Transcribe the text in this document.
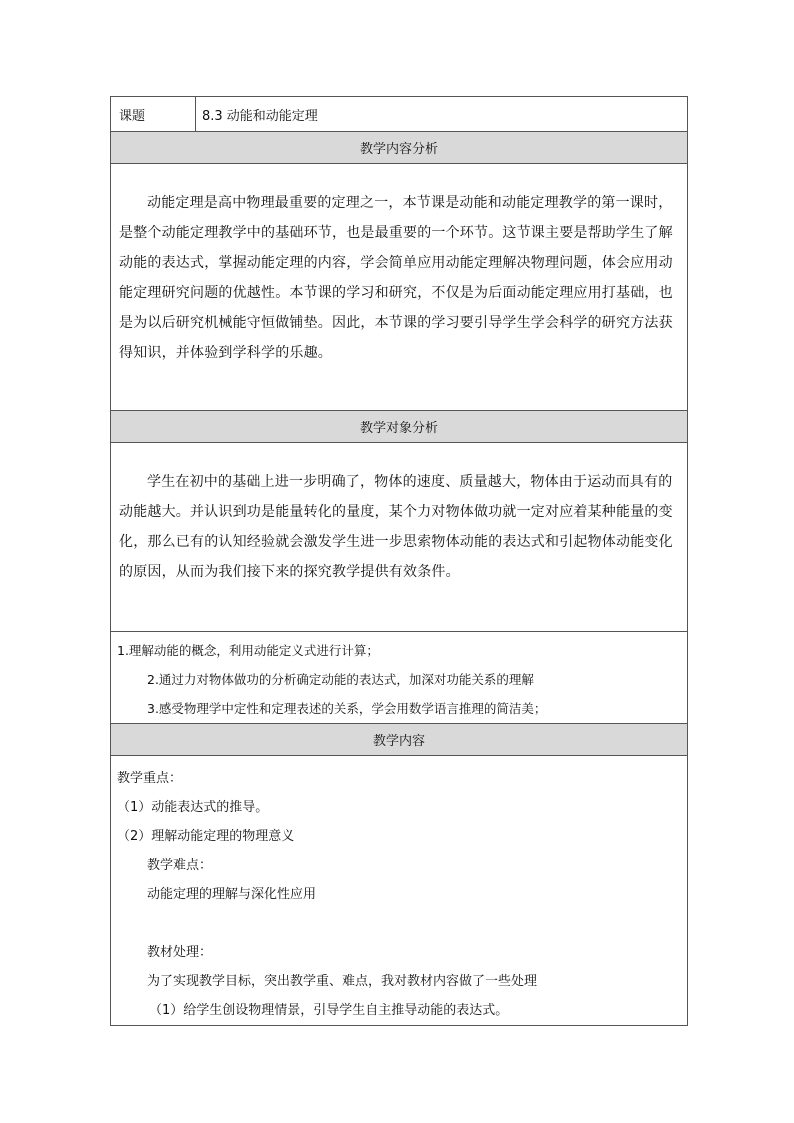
课题	8.3 动能和动能定理
教学内容分析

动能定理是高中物理最重要的定理之一，本节课是动能和动能定理教学的第一课时，是整个动能定理教学中的基础环节，也是最重要的一个环节。这节课主要是帮助学生了解动能的表达式，掌握动能定理的内容，学会简单应用动能定理解决物理问题，体会应用动能定理研究问题的优越性。本节课的学习和研究，不仅是为后面动能定理应用打基础，也是为以后研究机械能守恒做铺垫。因此，本节课的学习要引导学生学会科学的研究方法获得知识，并体验到学科学的乐趣。

教学对象分析

学生在初中的基础上进一步明确了，物体的速度、质量越大，物体由于运动而具有的动能越大。并认识到功是能量转化的量度，某个力对物体做功就一定对应着某种能量的变化，那么已有的认知经验就会激发学生进一步思索物体动能的表达式和引起物体动能变化的原因，从而为我们接下来的探究教学提供有效条件。

1.理解动能的概念，利用动能定义式进行计算；
2.通过力对物体做功的分析确定动能的表达式，加深对功能关系的理解
3.感受物理学中定性和定理表述的关系，学会用数学语言推理的简洁美；

教学内容

教学重点：
（1）动能表达式的推导。
（2）理解动能定理的物理意义
教学难点：
动能定理的理解与深化性应用
教材处理：
为了实现教学目标，突出教学重、难点，我对教材内容做了一些处理
（1）给学生创设物理情景，引导学生自主推导动能的表达式。
